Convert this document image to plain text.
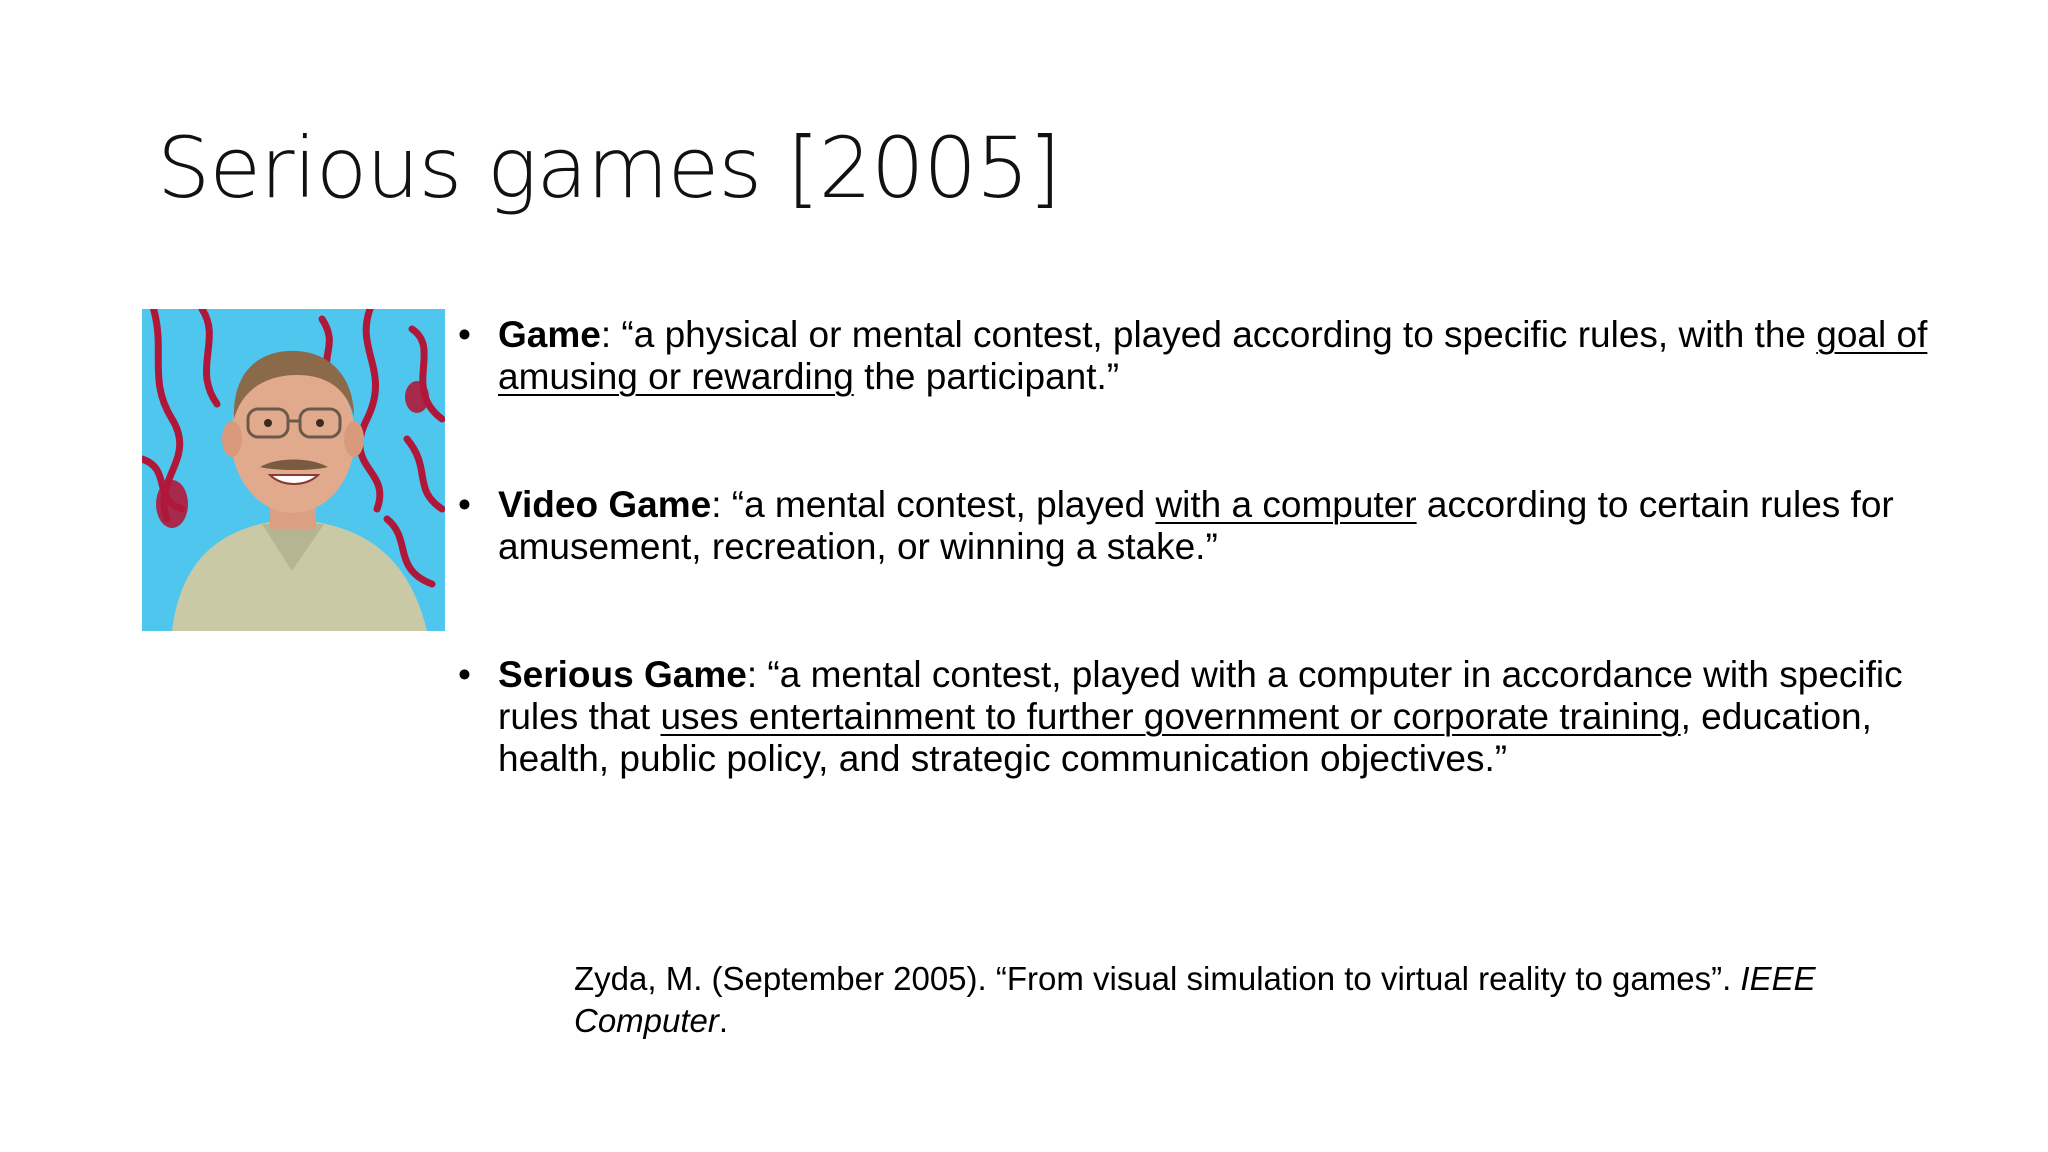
Serious games [2005]
• Game: “a physical or mental contest, played according to specific rules, with the goal of amusing or rewarding the participant.”
• Video Game: “a mental contest, played with a computer according to certain rules for amusement, recreation, or winning a stake.”
• Serious Game: “a mental contest, played with a computer in accordance with specific rules that uses entertainment to further government or corporate training, education, health, public policy, and strategic communication objectives.”

Zyda, M. (September 2005). “From visual simulation to virtual reality to games”. IEEE Computer.
